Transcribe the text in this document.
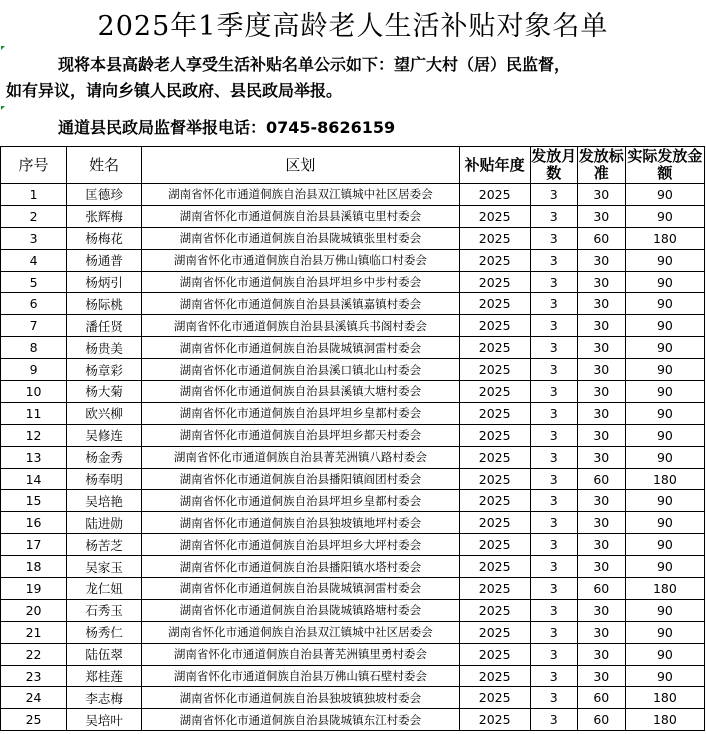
2025年1季度高龄老人生活补贴对象名单
现将本县高龄老人享受生活补贴名单公示如下：望广大村（居）民监督，
如有异议，请向乡镇人民政府、县民政局举报。
通道县民政局监督举报电话：0745-8626159
序号	姓名	区划	补贴年度	发放月数	发放标准	实际发放金额
1	匡德珍	湖南省怀化市通道侗族自治县双江镇城中社区居委会	2025	3	30	90
2	张辉梅	湖南省怀化市通道侗族自治县县溪镇屯里村委会	2025	3	30	90
3	杨梅花	湖南省怀化市通道侗族自治县陇城镇张里村委会	2025	3	60	180
4	杨通普	湖南省怀化市通道侗族自治县万佛山镇临口村委会	2025	3	30	90
5	杨炳引	湖南省怀化市通道侗族自治县坪坦乡中步村委会	2025	3	30	90
6	杨际桃	湖南省怀化市通道侗族自治县县溪镇嘉镇村委会	2025	3	30	90
7	潘任贤	湖南省怀化市通道侗族自治县县溪镇兵书阁村委会	2025	3	30	90
8	杨贵美	湖南省怀化市通道侗族自治县陇城镇洞雷村委会	2025	3	30	90
9	杨章彩	湖南省怀化市通道侗族自治县溪口镇北山村委会	2025	3	30	90
10	杨大菊	湖南省怀化市通道侗族自治县县溪镇大塘村委会	2025	3	30	90
11	欧兴柳	湖南省怀化市通道侗族自治县坪坦乡皇都村委会	2025	3	30	90
12	吴修连	湖南省怀化市通道侗族自治县坪坦乡都天村委会	2025	3	30	90
13	杨金秀	湖南省怀化市通道侗族自治县菁芜洲镇八路村委会	2025	3	30	90
14	杨奉明	湖南省怀化市通道侗族自治县播阳镇阎团村委会	2025	3	60	180
15	吴培艳	湖南省怀化市通道侗族自治县坪坦乡皇都村委会	2025	3	30	90
16	陆进勋	湖南省怀化市通道侗族自治县独坡镇地坪村委会	2025	3	30	90
17	杨苦芝	湖南省怀化市通道侗族自治县坪坦乡大坪村委会	2025	3	30	90
18	吴家玉	湖南省怀化市通道侗族自治县播阳镇水塔村委会	2025	3	30	90
19	龙仁妞	湖南省怀化市通道侗族自治县陇城镇洞雷村委会	2025	3	60	180
20	石秀玉	湖南省怀化市通道侗族自治县陇城镇路塘村委会	2025	3	30	90
21	杨秀仁	湖南省怀化市通道侗族自治县双江镇城中社区居委会	2025	3	30	90
22	陆伍翠	湖南省怀化市通道侗族自治县菁芜洲镇里勇村委会	2025	3	30	90
23	郑桂莲	湖南省怀化市通道侗族自治县万佛山镇石壁村委会	2025	3	30	90
24	李志梅	湖南省怀化市通道侗族自治县独坡镇独坡村委会	2025	3	60	180
25	吴培叶	湖南省怀化市通道侗族自治县陇城镇东江村委会	2025	3	60	180
